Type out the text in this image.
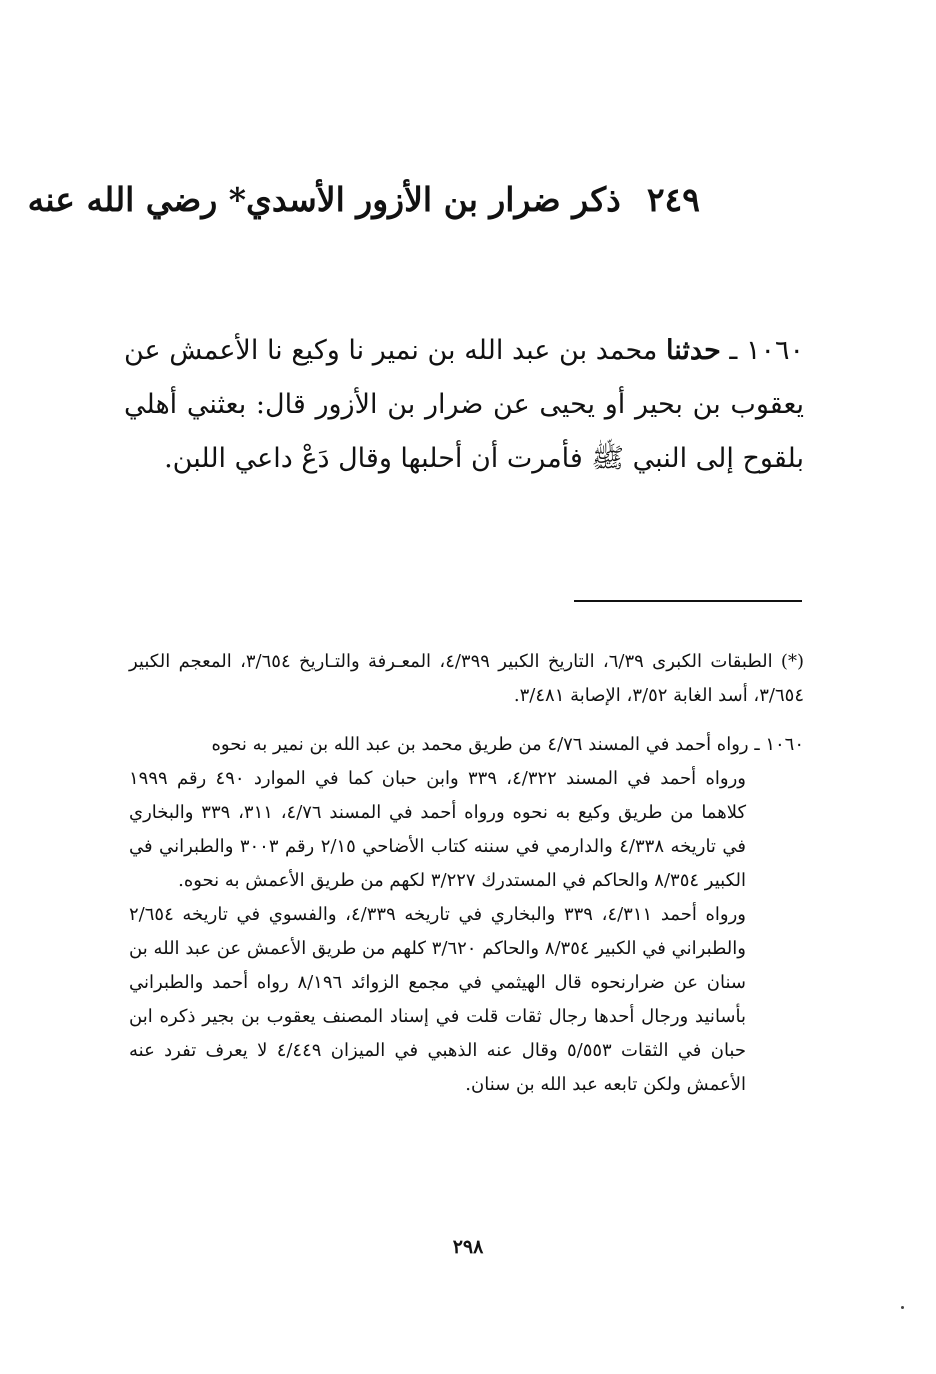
٢٤٩ذكر ضرار بن الأزور الأسدي* رضي الله عنه
١٠٦٠ ـ حدثنا محمد بن عبد الله بن نمير نا وكيع نا الأعمش عن يعقوب بن بحير أو يحيى عن ضرار بن الأزور قال: بعثني أهلي بلقوح إلى النبي ﷺ فأمرت أن أحلبها وقال دَعْ داعي اللبن.

(*) الطبقات الكبرى ٦/٣٩، التاريخ الكبير ٤/٣٩٩، المعـرفة والتـاريخ ٣/٦٥٤، المعجم الكبير ٣/٦٥٤، أسد الغابة ٣/٥٢، الإصابة ٣/٤٨١.

١٠٦٠ ـ رواه أحمد في المسند ٤/٧٦ من طريق محمد بن عبد الله بن نمير به نحوه

ورواه أحمد في المسند ٤/٣٢٢، ٣٣٩ وابن حبان كما في الموارد ٤٩٠ رقم ١٩٩٩ كلاهما من طريق وكيع به نحوه ورواه أحمد في المسند ٤/٧٦، ٣١١، ٣٣٩ والبخاري في تاريخه ٤/٣٣٨ والدارمي في سننه كتاب الأضاحي ٢/١٥ رقم ٣٠٠٣ والطبراني في الكبير ٨/٣٥٤ والحاكم في المستدرك ٣/٢٢٧ لكهم من طريق الأعمش به نحوه.

ورواه أحمد ٤/٣١١، ٣٣٩ والبخاري في تاريخه ٤/٣٣٩، والفسوي في تاريخه ٢/٦٥٤ والطبراني في الكبير ٨/٣٥٤ والحاكم ٣/٦٢٠ كلهم من طريق الأعمش عن عبد الله بن سنان عن ضرارنحوه قال الهيثمي في مجمع الزوائد ٨/١٩٦ رواه أحمد والطبراني بأسانيد ورجال أحدها رجال ثقات قلت في إسناد المصنف يعقوب بن بجير ذكره ابن حبان في الثقات ٥/٥٥٣ وقال عنه الذهبي في الميزان ٤/٤٤٩ لا يعرف تفرد عنه الأعمش ولكن تابعه عبد الله بن سنان.

٢٩٨
